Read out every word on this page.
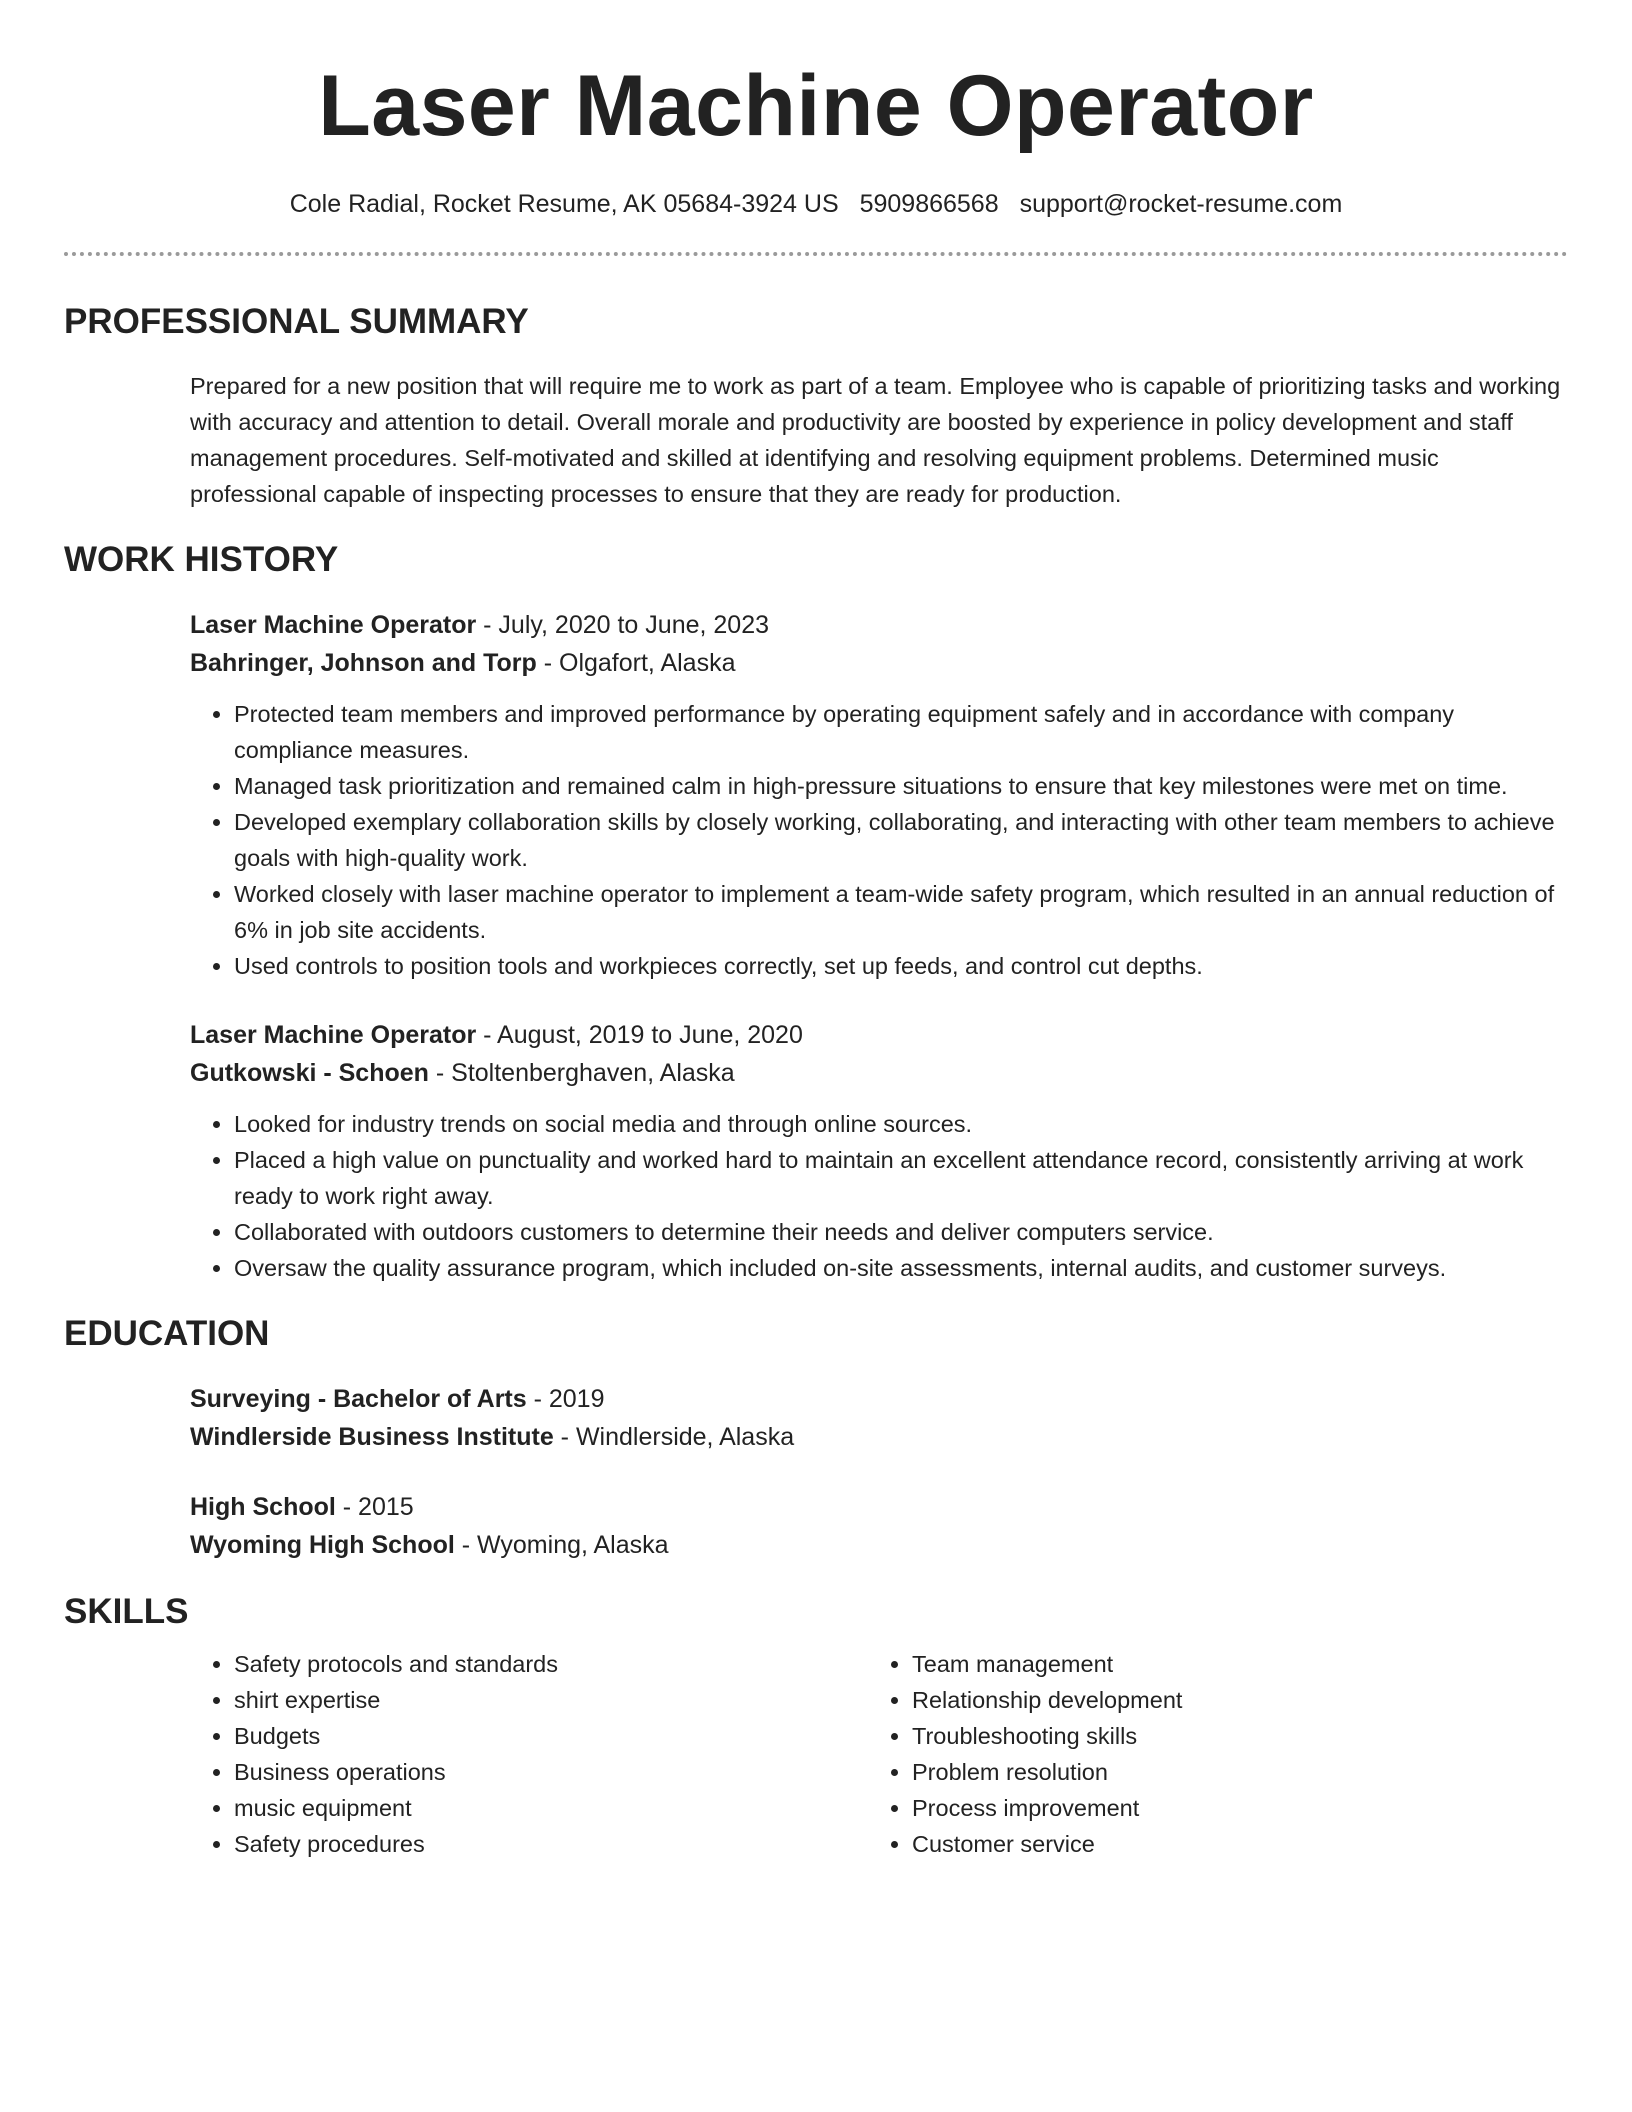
Laser Machine Operator
Cole Radial, Rocket Resume, AK 05684-3924 US 5909866568 support@rocket-resume.com
PROFESSIONAL SUMMARY
Prepared for a new position that will require me to work as part of a team. Employee who is capable of prioritizing tasks and working with accuracy and attention to detail. Overall morale and productivity are boosted by experience in policy development and staff management procedures. Self-motivated and skilled at identifying and resolving equipment problems. Determined music professional capable of inspecting processes to ensure that they are ready for production.
WORK HISTORY
Laser Machine Operator - July, 2020 to June, 2023
Bahringer, Johnson and Torp - Olgafort, Alaska
• Protected team members and improved performance by operating equipment safely and in accordance with company compliance measures.
• Managed task prioritization and remained calm in high-pressure situations to ensure that key milestones were met on time.
• Developed exemplary collaboration skills by closely working, collaborating, and interacting with other team members to achieve goals with high-quality work.
• Worked closely with laser machine operator to implement a team-wide safety program, which resulted in an annual reduction of 6% in job site accidents.
• Used controls to position tools and workpieces correctly, set up feeds, and control cut depths.
Laser Machine Operator - August, 2019 to June, 2020
Gutkowski - Schoen - Stoltenberghaven, Alaska
• Looked for industry trends on social media and through online sources.
• Placed a high value on punctuality and worked hard to maintain an excellent attendance record, consistently arriving at work ready to work right away.
• Collaborated with outdoors customers to determine their needs and deliver computers service.
• Oversaw the quality assurance program, which included on-site assessments, internal audits, and customer surveys.
EDUCATION
Surveying - Bachelor of Arts - 2019
Windlerside Business Institute - Windlerside, Alaska
High School - 2015
Wyoming High School - Wyoming, Alaska
SKILLS
• Safety protocols and standards
• shirt expertise
• Budgets
• Business operations
• music equipment
• Safety procedures
• Team management
• Relationship development
• Troubleshooting skills
• Problem resolution
• Process improvement
• Customer service
